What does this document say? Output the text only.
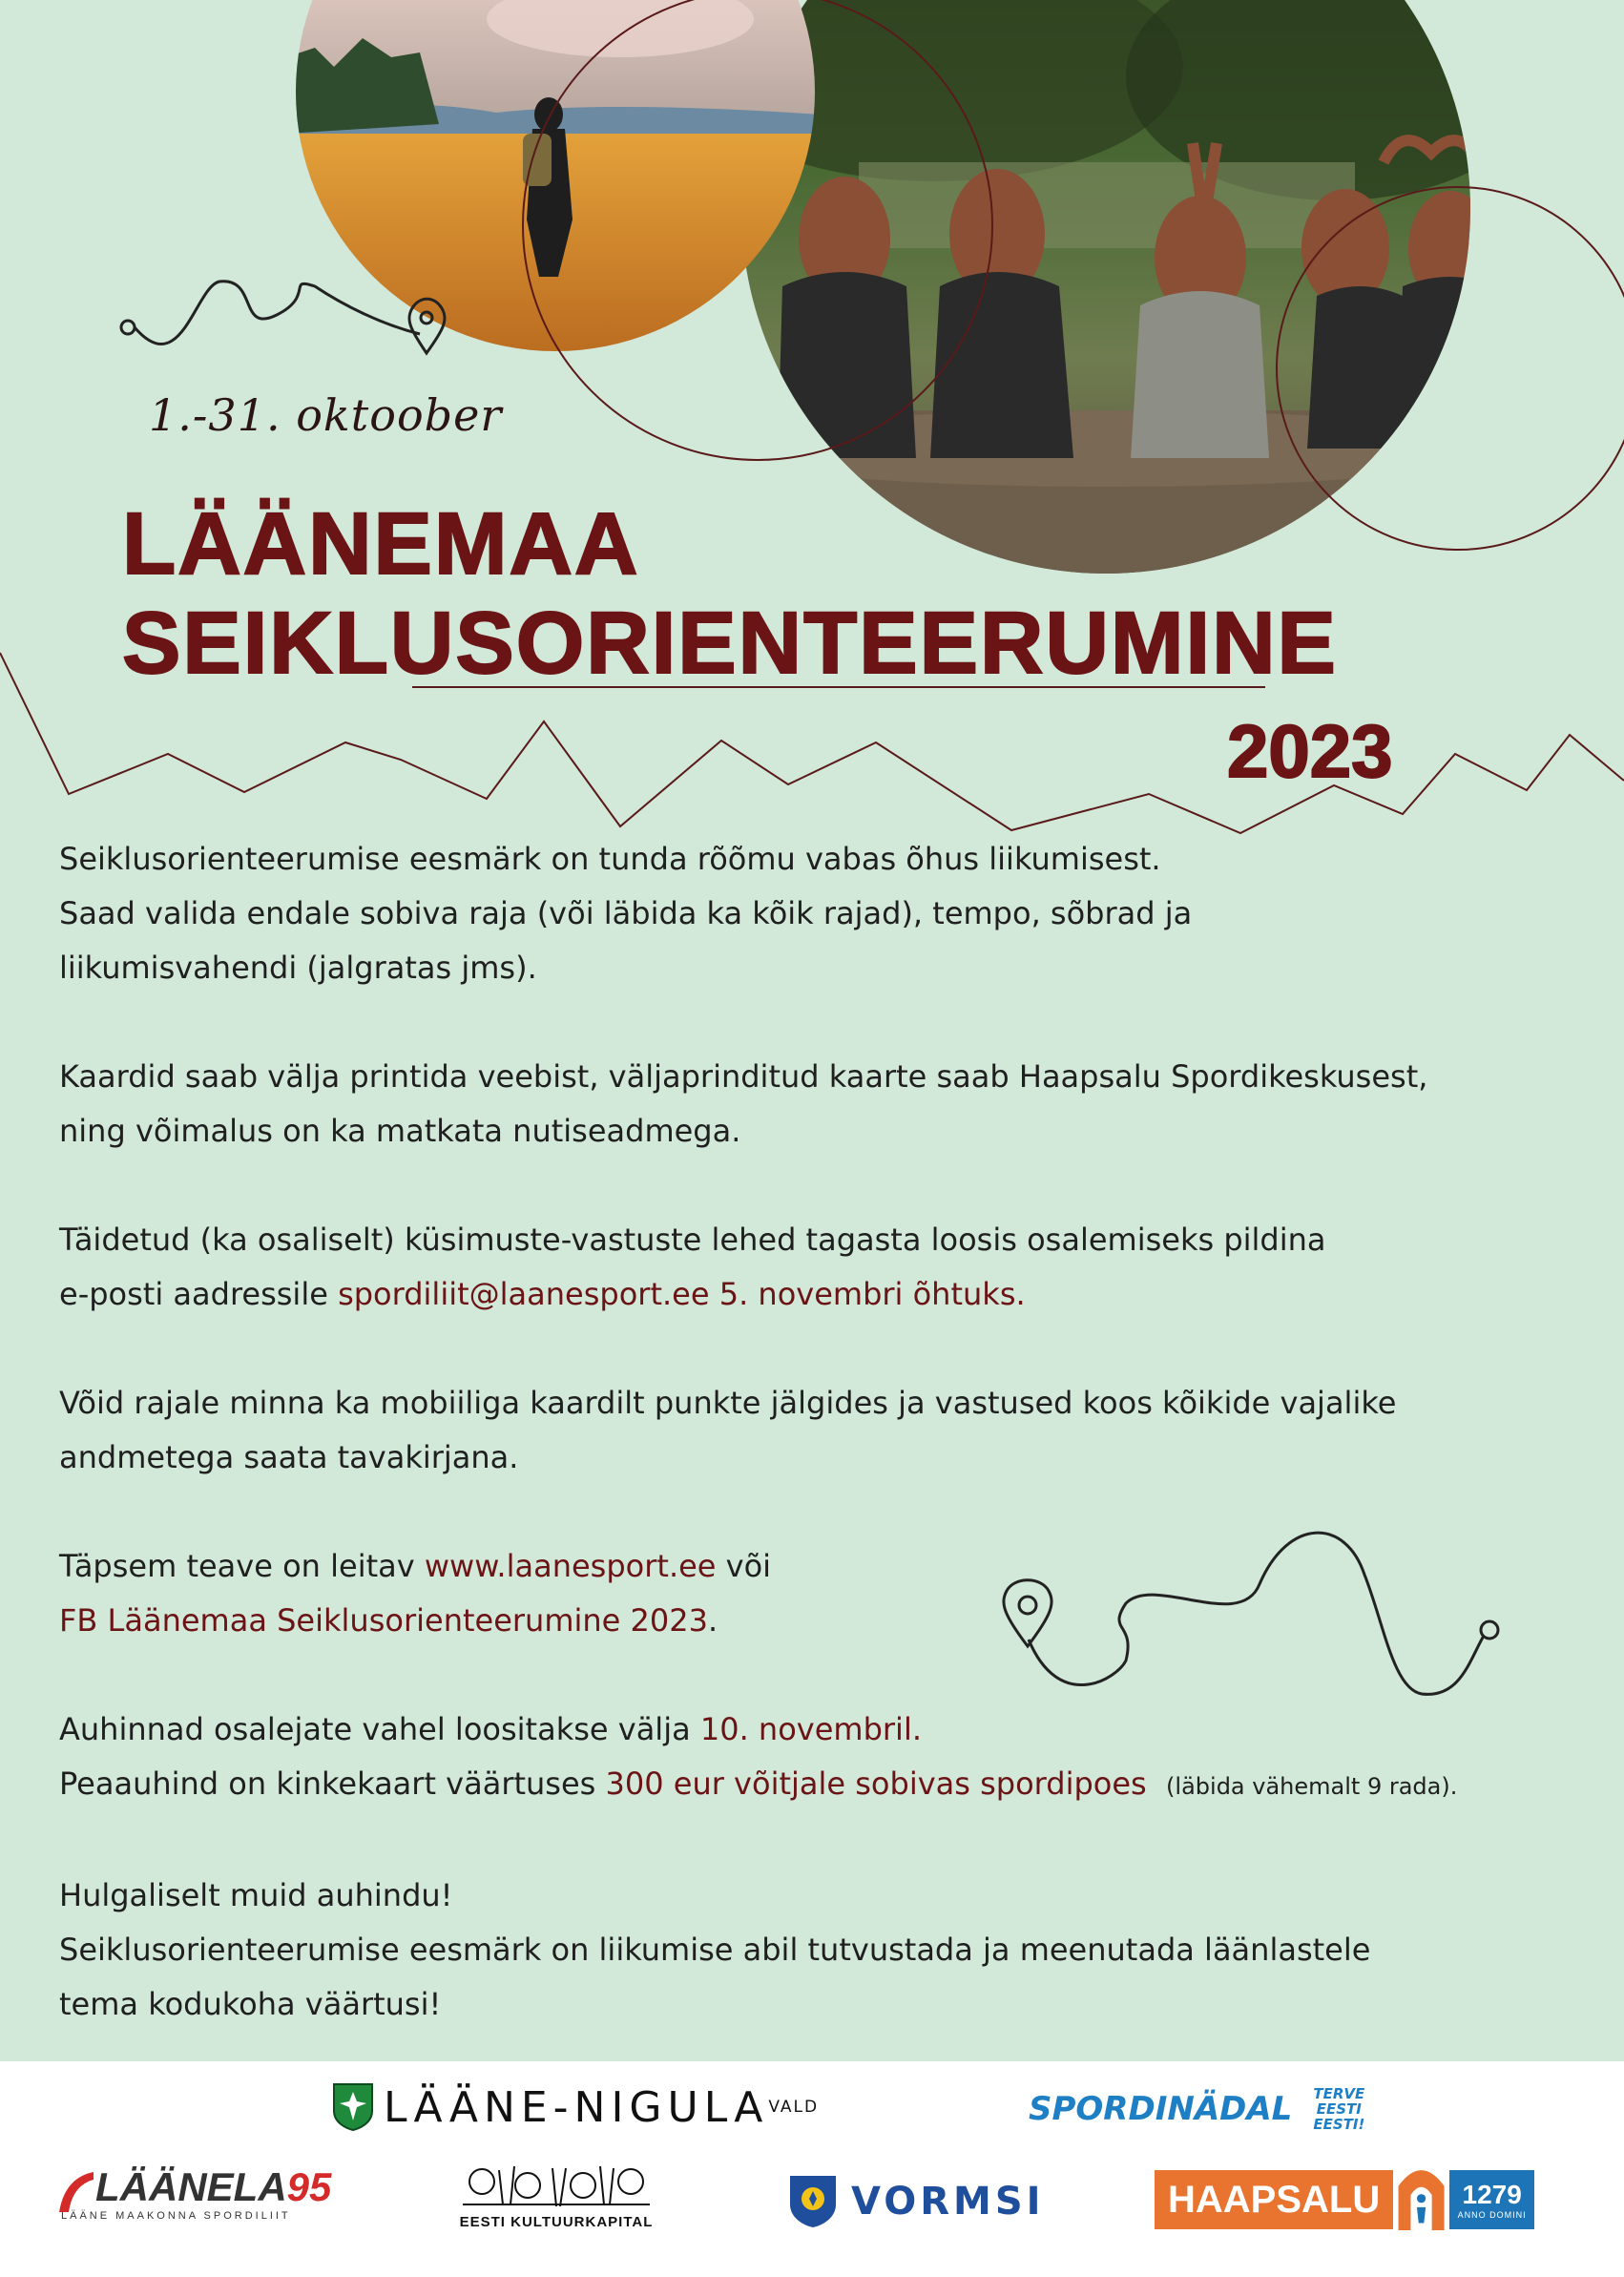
1.-31. oktoober
LÄÄNEMAA
SEIKLUSORIENTEERUMINE
2023

Seiklusorienteerumise eesmärk on tunda rõõmu vabas õhus liikumisest.
Saad valida endale sobiva raja (või läbida ka kõik rajad), tempo, sõbrad ja
liikumisvahendi (jalgratas jms).

Kaardid saab välja printida veebist, väljaprinditud kaarte saab Haapsalu Spordikeskusest,
ning võimalus on ka matkata nutiseadmega.

Täidetud (ka osaliselt) küsimuste-vastuste lehed tagasta loosis osalemiseks pildina
e-posti aadressile spordiliit@laanesport.ee 5. novembri õhtuks.

Võid rajale minna ka mobiiliga kaardilt punkte jälgides ja vastused koos kõikide vajalike
andmetega saata tavakirjana.

Täpsem teave on leitav www.laanesport.ee või
FB Läänemaa Seiklusorienteerumine 2023.

Auhinnad osalejate vahel loositakse välja 10. novembril.
Peaauhind on kinkekaart väärtuses 300 eur võitjale sobivas spordipoes (läbida vähemalt 9 rada).

Hulgaliselt muid auhindu!
Seiklusorienteerumise eesmärk on liikumise abil tutvustada ja meenutada läänlastele
tema kodukoha väärtusi!

LÄÄNE-NIGULA VALD	SPORDINÄDAL TERVE
EESTI
EESTI!
LÄÄNELA 95
LÄÄNE MAAKONNA SPORDILIIT	EESTI KULTUURKAPITAL	VORMSI	HAAPSALU	1279
ANNO DOMINI
